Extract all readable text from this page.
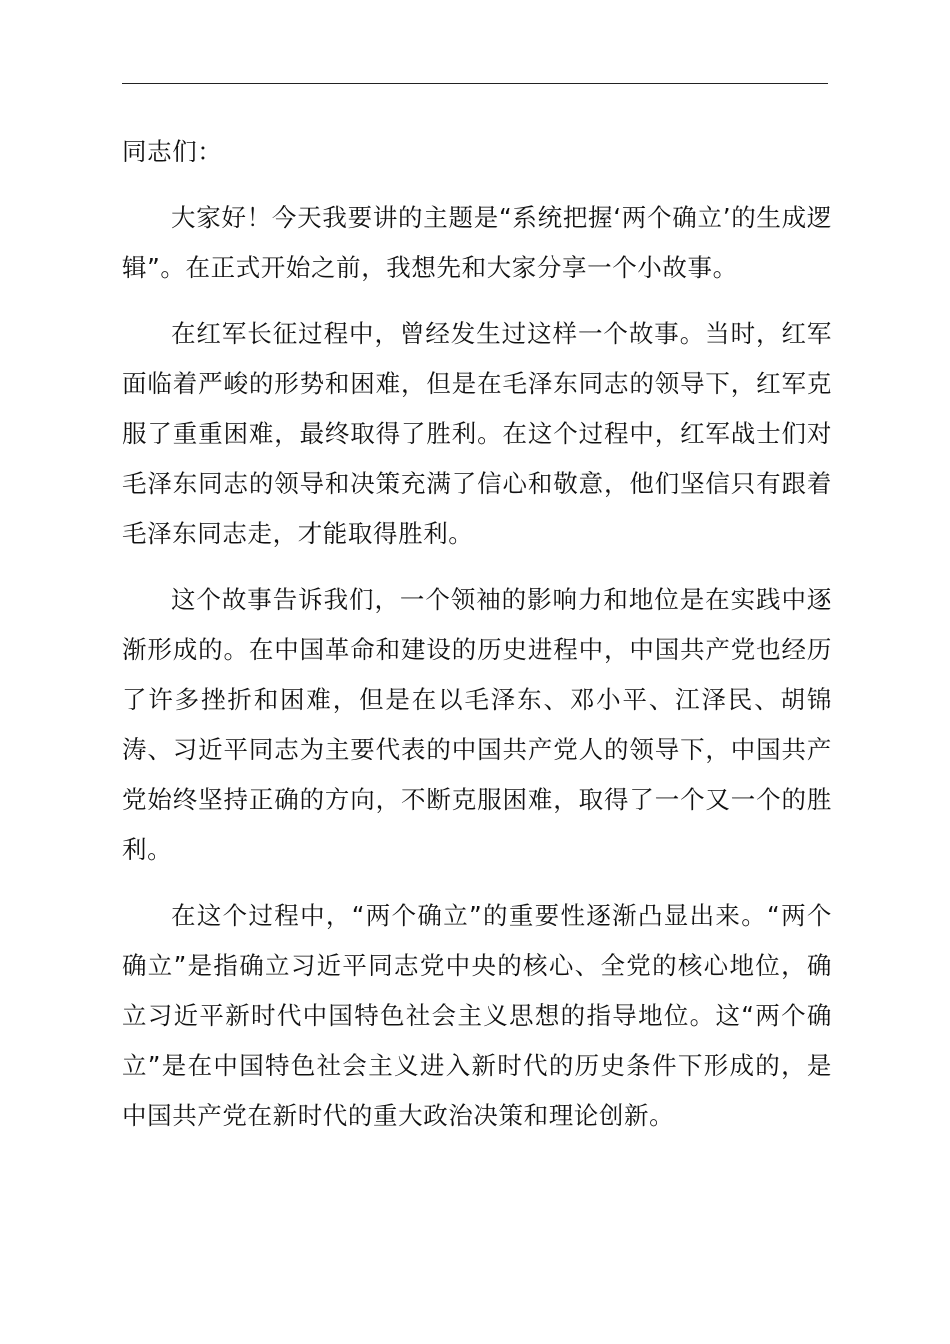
同志们：

大家好！今天我要讲的主题是“系统把握‘两个确立’的生成逻辑”。在正式开始之前，我想先和大家分享一个小故事。

在红军长征过程中，曾经发生过这样一个故事。当时，红军面临着严峻的形势和困难，但是在毛泽东同志的领导下，红军克服了重重困难，最终取得了胜利。在这个过程中，红军战士们对毛泽东同志的领导和决策充满了信心和敬意，他们坚信只有跟着毛泽东同志走，才能取得胜利。

这个故事告诉我们，一个领袖的影响力和地位是在实践中逐渐形成的。在中国革命和建设的历史进程中，中国共产党也经历了许多挫折和困难，但是在以毛泽东、邓小平、江泽民、胡锦涛、习近平同志为主要代表的中国共产党人的领导下，中国共产党始终坚持正确的方向，不断克服困难，取得了一个又一个的胜利。

在这个过程中，“两个确立”的重要性逐渐凸显出来。“两个确立”是指确立习近平同志党中央的核心、全党的核心地位，确立习近平新时代中国特色社会主义思想的指导地位。这“两个确立”是在中国特色社会主义进入新时代的历史条件下形成的，是中国共产党在新时代的重大政治决策和理论创新。
